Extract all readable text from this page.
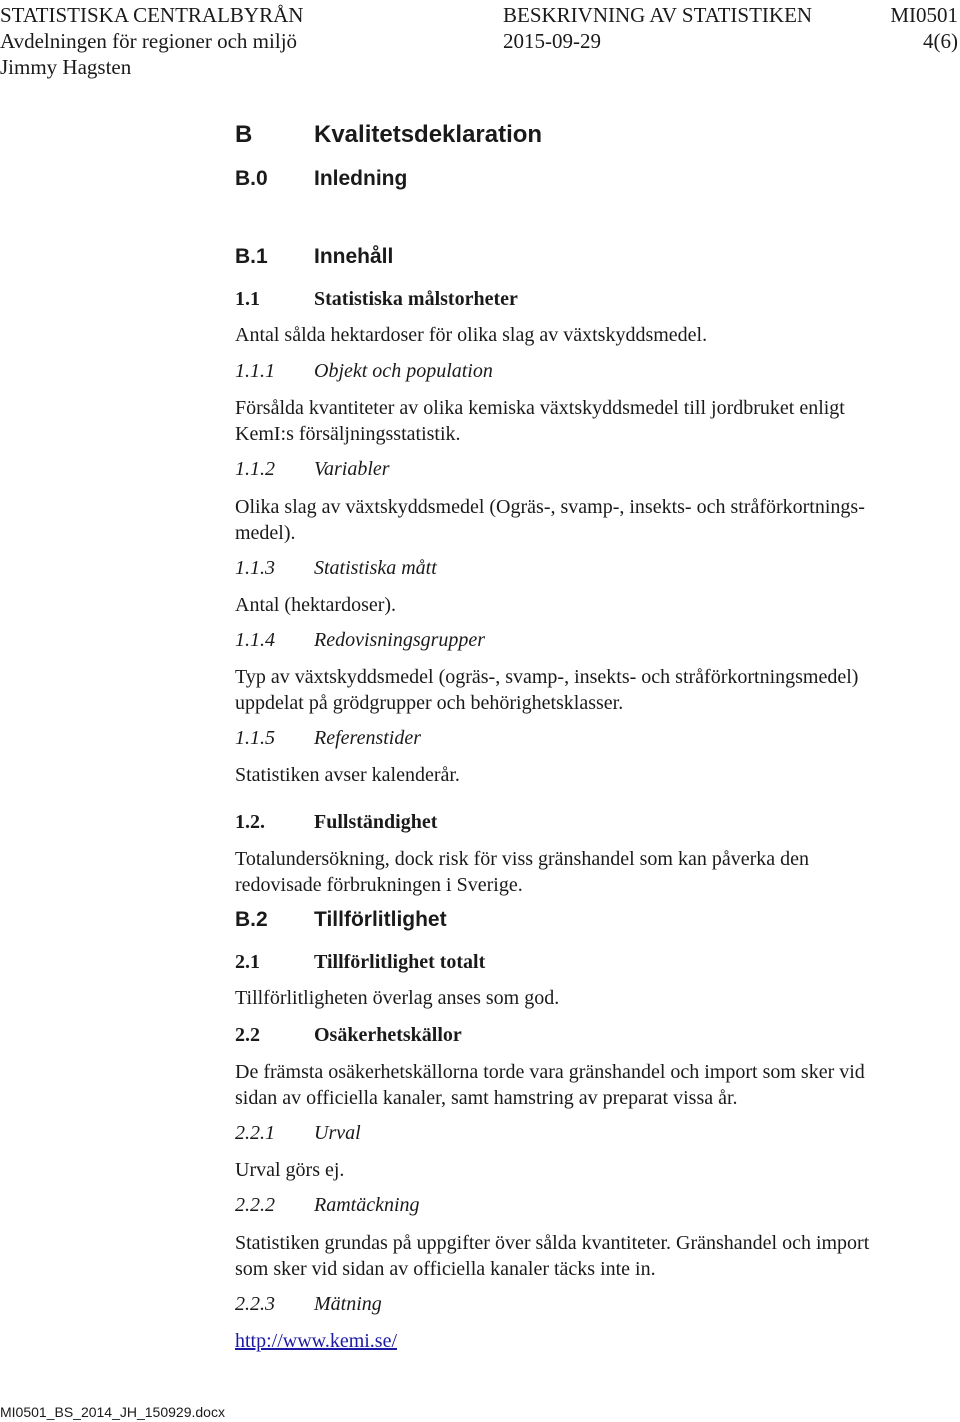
STATISTISKA CENTRALBYRÅN	BESKRIVNING AV STATISTIKEN	MI0501
Avdelningen för regioner och miljö	2015-09-29	4(6)
Jimmy Hagsten
B	Kvalitetsdeklaration
B.0 Inledning
B.1 Innehåll
1.1	Statistiska målstorheter
Antal sålda hektardoser för olika slag av växtskyddsmedel.
1.1.1 Objekt och population
Försålda kvantiteter av olika kemiska växtskyddsmedel till jordbruket enligt
KemI:s försäljningsstatistik.
1.1.2 Variabler
Olika slag av växtskyddsmedel (Ogräs-, svamp-, insekts- och stråförkortnings-
medel).
1.1.3 Statistiska mått
Antal (hektardoser).
1.1.4 Redovisningsgrupper
Typ av växtskyddsmedel (ogräs-, svamp-, insekts- och stråförkortningsmedel)
uppdelat på grödgrupper och behörighetsklasser.
1.1.5 Referenstider
Statistiken avser kalenderår.
1.2. Fullständighet
Totalundersökning, dock risk för viss gränshandel som kan påverka den
redovisade förbrukningen i Sverige.
B.2 Tillförlitlighet
2.1	Tillförlitlighet totalt
Tillförlitligheten överlag anses som god.
2.2	Osäkerhetskällor
De främsta osäkerhetskällorna torde vara gränshandel och import som sker vid
sidan av officiella kanaler, samt hamstring av preparat vissa år.
2.2.1 Urval
Urval görs ej.
2.2.2 Ramtäckning
Statistiken grundas på uppgifter över sålda kvantiteter. Gränshandel och import
som sker vid sidan av officiella kanaler täcks inte in.
2.2.3 Mätning
http://www.kemi.se/
MI0501_BS_2014_JH_150929.docx
